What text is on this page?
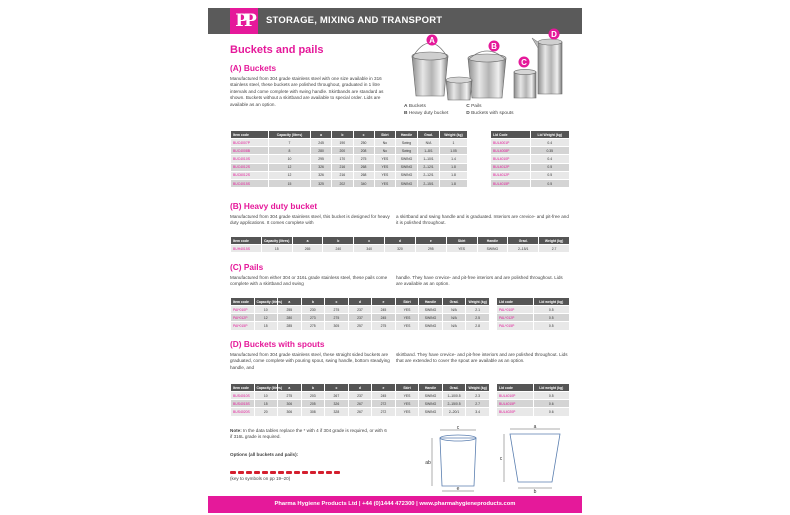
PP	STORAGE, MIXING AND TRANSPORT
Buckets and pails
A
B
C
D
A Buckets
B Heavy duty bucket
C Pails
D Buckets with spouts
(A) Buckets
Manufactured from 304 grade stainless steel with one size available in 316 stainless steel, these buckets are polished throughout, graduated in 1 litre intervals and come complete with swing handle. Skirtbands are standard as shown. Buckets without a skirtband are available to special order. Lids are available as an option.
Item code	Capacity (litres)	a	b	c	Skirt	Handle	Grad.	Weight (kg)
BUC4007P	7	245	190	250	No	Swing	N/A	1
BUC4008B	8	280	200	208	No	Swing	1–8/1	1.05
BUC4010S	10	295	170	275	YES	SWING	1–10/1	1.4
BUC4012S	12	326	216	268	YES	SWING	2–12/1	1.8
BUC6012S	12	326	216	268	YES	SWING	2–12/1	1.8
BUC4015S	15	325	202	340	YES	SWING	2–15/1	1.8
Lid Code	Lid Weight (kg)
BUL4001P	0.4
BUL4008P	0.35
BUL4010P	0.4
BUL4012P	0.5
BUL4012P	0.5
BUL4015P	0.5
(B) Heavy duty bucket
Manufactured from 304 grade stainless steel, this bucket is designed for heavy duty applications. It comes complete with
a skirtband and swing handle and is graduated. Interiors are crevice- and pit-free and it is polished throughout.
Item code	Capacity (litres)	a	b	c	d	e	Skirt	Handle	Grad.	Weight (kg)
BUH4015S	15	265	240	340	320	295	YES	SWING	2–15/1	2.7
(C) Pails
Manufactured from either 304 or 316L grade stainless steel, these pails come complete with a skirtband and swing
handle. They have crevice- and pit-free interiors and are polished throughout. Lids are available as an option.
Item code	Capacity (litres)	a	b	c	d	e	Skirt	Handle	Grad.	Weight (kg)
PAI*010P	10	255	230	275	237	245	YES	SWING	N/A	2.1
PAI*012P	12	280	273	275	237	245	YES	SWING	N/A	2.5
PAI*015P	15	285	275	305	257	275	YES	SWING	N/A	2.8
Lid code	Lid weight (kg)
PAL*010P	0.5
PAL*012P	0.5
PAL*015P	0.5
(D) Buckets with spouts
Manufactured from 304 grade stainless steel, these straight sided buckets are graduated, come complete with pouring spout, swing handle, bottom steadying handle, and
skirtband. They have crevice- and pit-free interiors and are polished throughout. Lids that are extended to cover the spout are available as an option.
Item code	Capacity (litres)	a	b	c	d	e	Skirt	Handle	Grad.	Weight (kg)
BUS4010S	10	275	203	267	237	245	YES	SWING	1–10/0.5	2.3
BUS4015S	15	306	205	326	267	272	YES	SWING	2–15/0.5	2.7
BUS4020S	20	306	308	328	267	272	YES	SWING	2–20/1	3.4
Lid code	Lid weight (kg)
BUL4010P	0.5
BUL4015P	0.6
BUL4020P	0.6
Note: In the data tables replace the * with 4 if 304 grade is required, or with 6 if 316L grade is required.
Options (all buckets and pails):
(key to symbols on pp 19–20)
c
ab
e
a
c
b
Pharma Hygiene Products Ltd | +44 (0)1444 472300 | www.pharmahygieneproducts.com
